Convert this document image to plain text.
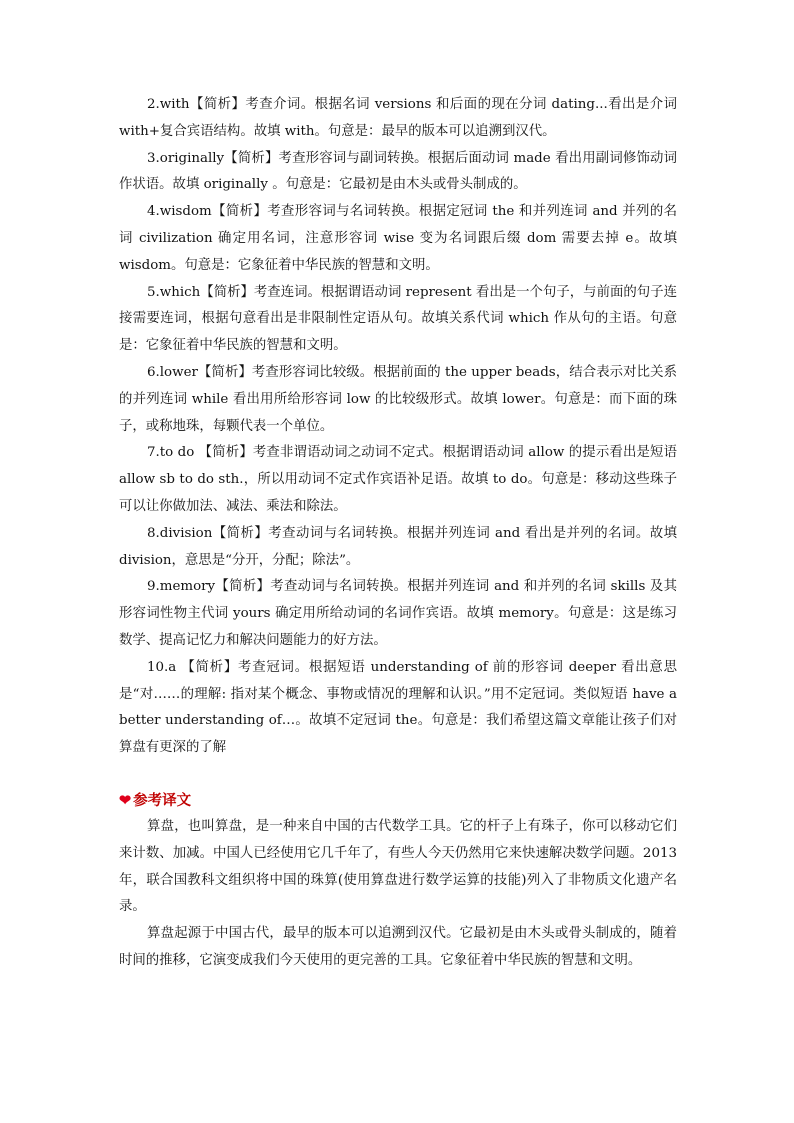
2.with【简析】考查介词。根据名词 versions 和后面的现在分词 dating...看出是介词 with+复合宾语结构。故填 with。句意是：最早的版本可以追溯到汉代。

3.originally【简析】考查形容词与副词转换。根据后面动词 made 看出用副词修饰动词作状语。故填 originally 。句意是：它最初是由木头或骨头制成的。

4.wisdom【简析】考查形容词与名词转换。根据定冠词 the 和并列连词 and 并列的名词 civilization 确定用名词，注意形容词 wise 变为名词跟后缀 dom 需要去掉 e。故填 wisdom。句意是：它象征着中华民族的智慧和文明。

5.which【简析】考查连词。根据谓语动词 represent 看出是一个句子，与前面的句子连接需要连词，根据句意看出是非限制性定语从句。故填关系代词 which 作从句的主语。句意是：它象征着中华民族的智慧和文明。

6.lower【简析】考查形容词比较级。根据前面的 the upper beads，结合表示对比关系的并列连词 while 看出用所给形容词 low 的比较级形式。故填 lower。句意是：而下面的珠子，或称地珠，每颗代表一个单位。

7.to do 【简析】考查非谓语动词之动词不定式。根据谓语动词 allow 的提示看出是短语 allow sb to do sth.，所以用动词不定式作宾语补足语。故填 to do。句意是：移动这些珠子可以让你做加法、减法、乘法和除法。

8.division【简析】考查动词与名词转换。根据并列连词 and 看出是并列的名词。故填 division，意思是“分开，分配；除法”。

9.memory【简析】考查动词与名词转换。根据并列连词 and 和并列的名词 skills 及其形容词性物主代词 yours 确定用所给动词的名词作宾语。故填 memory。句意是：这是练习数学、提高记忆力和解决问题能力的好方法。

10.a 【简析】考查冠词。根据短语 understanding of 前的形容词 deeper 看出意思是“对……的理解: 指对某个概念、事物或情况的理解和认识。”用不定冠词。类似短语 have a better understanding of…。故填不定冠词 the。句意是：我们希望这篇文章能让孩子们对算盘有更深的了解

❤ 参考译文

算盘，也叫算盘，是一种来自中国的古代数学工具。它的杆子上有珠子，你可以移动它们来计数、加减。中国人已经使用它几千年了，有些人今天仍然用它来快速解决数学问题。2013 年，联合国教科文组织将中国的珠算(使用算盘进行数学运算的技能)列入了非物质文化遗产名录。

算盘起源于中国古代，最早的版本可以追溯到汉代。它最初是由木头或骨头制成的，随着时间的推移，它演变成我们今天使用的更完善的工具。它象征着中华民族的智慧和文明。
